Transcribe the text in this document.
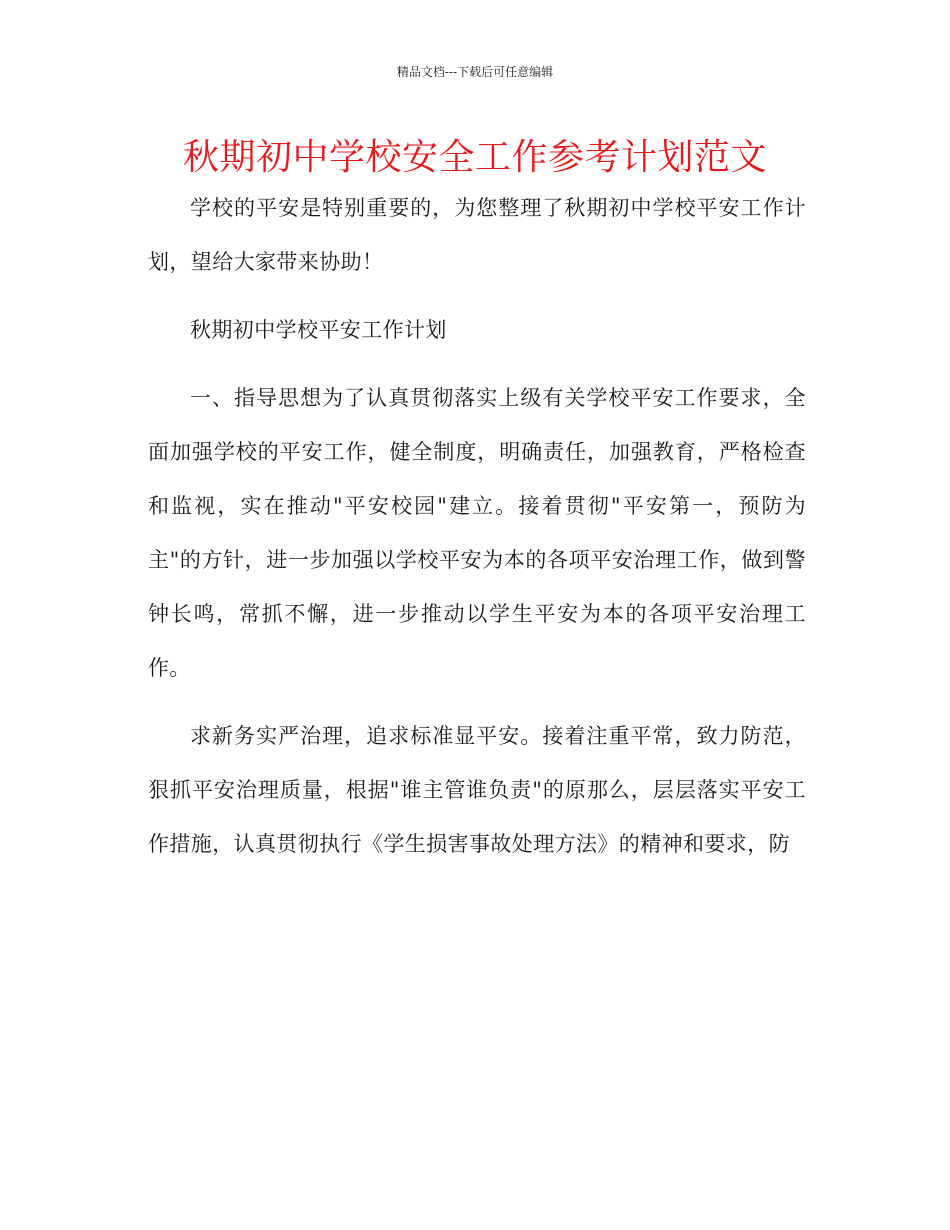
精品文档---下载后可任意编辑
秋期初中学校安全工作参考计划范文

学校的平安是特别重要的，为您整理了秋期初中学校平安工作计划，望给大家带来协助！

秋期初中学校平安工作计划

一、指导思想为了认真贯彻落实上级有关学校平安工作要求，全面加强学校的平安工作，健全制度，明确责任，加强教育，严格检查和监视，实在推动"平安校园"建立。接着贯彻"平安第一，预防为主"的方针，进一步加强以学校平安为本的各项平安治理工作，做到警钟长鸣，常抓不懈，进一步推动以学生平安为本的各项平安治理工作。

求新务实严治理，追求标准显平安。接着注重平常，致力防范，狠抓平安治理质量，根据"谁主管谁负责"的原那么，层层落实平安工作措施，认真贯彻执行《学生损害事故处理方法》的精神和要求，防
